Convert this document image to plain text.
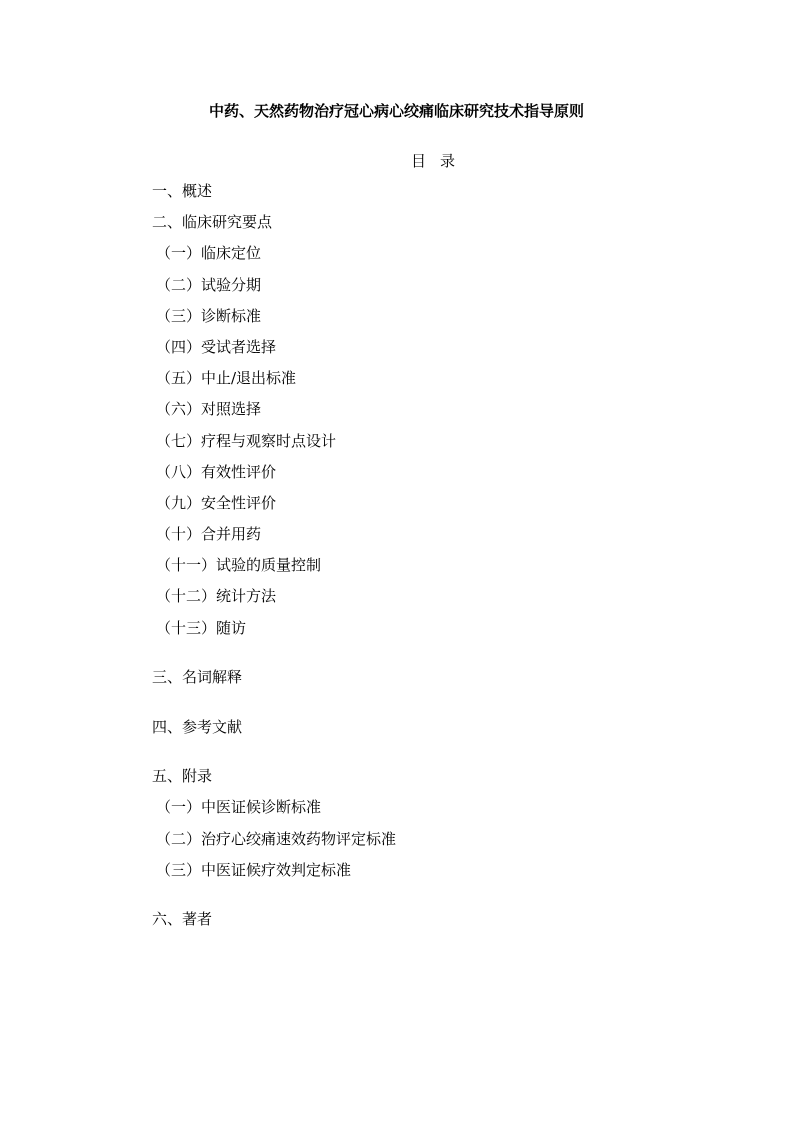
中药、天然药物治疗冠心病心绞痛临床研究技术指导原则
目录
一、概述
二、临床研究要点
（一）临床定位
（二）试验分期
（三）诊断标准
（四）受试者选择
（五）中止/退出标准
（六）对照选择
（七）疗程与观察时点设计
（八）有效性评价
（九）安全性评价
（十）合并用药
（十一）试验的质量控制
（十二）统计方法
（十三）随访
三、名词解释
四、参考文献
五、附录
（一）中医证候诊断标准
（二）治疗心绞痛速效药物评定标准
（三）中医证候疗效判定标准
六、著者
